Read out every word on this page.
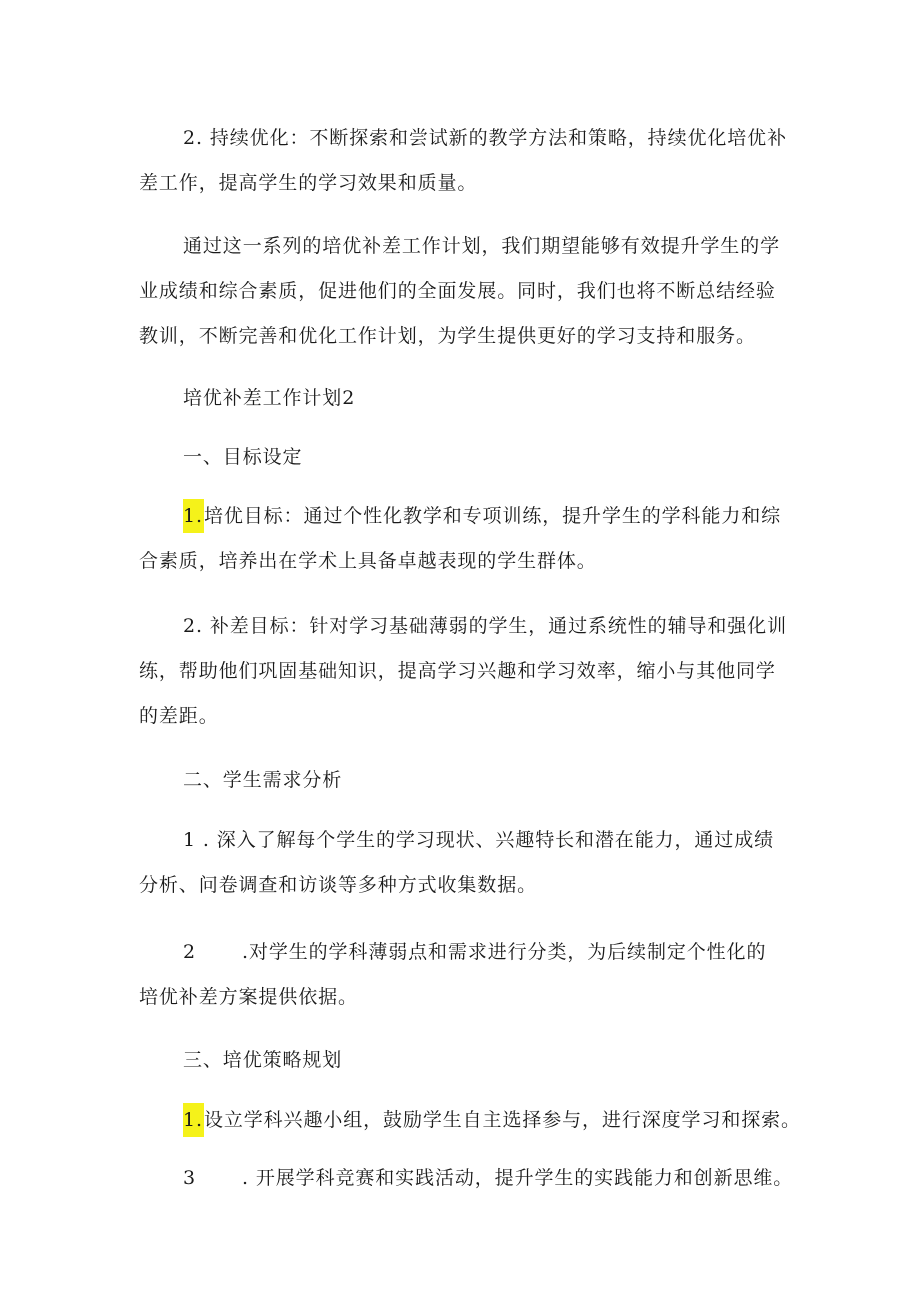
2. 持续优化：不断探索和尝试新的教学方法和策略，持续优化培优补
差工作，提高学生的学习效果和质量。
通过这一系列的培优补差工作计划，我们期望能够有效提升学生的学
业成绩和综合素质，促进他们的全面发展。同时，我们也将不断总结经验
教训，不断完善和优化工作计划，为学生提供更好的学习支持和服务。
培优补差工作计划2
一、目标设定
1.培优目标：通过个性化教学和专项训练，提升学生的学科能力和综
合素质，培养出在学术上具备卓越表现的学生群体。
2. 补差目标：针对学习基础薄弱的学生，通过系统性的辅导和强化训
练，帮助他们巩固基础知识，提高学习兴趣和学习效率，缩小与其他同学
的差距。
二、学生需求分析
1 . 深入了解每个学生的学习现状、兴趣特长和潜在能力，通过成绩
分析、问卷调查和访谈等多种方式收集数据。
2 .对学生的学科薄弱点和需求进行分类，为后续制定个性化的
培优补差方案提供依据。
三、培优策略规划
1.设立学科兴趣小组，鼓励学生自主选择参与，进行深度学习和探索。
3 . 开展学科竞赛和实践活动，提升学生的实践能力和创新思维。
